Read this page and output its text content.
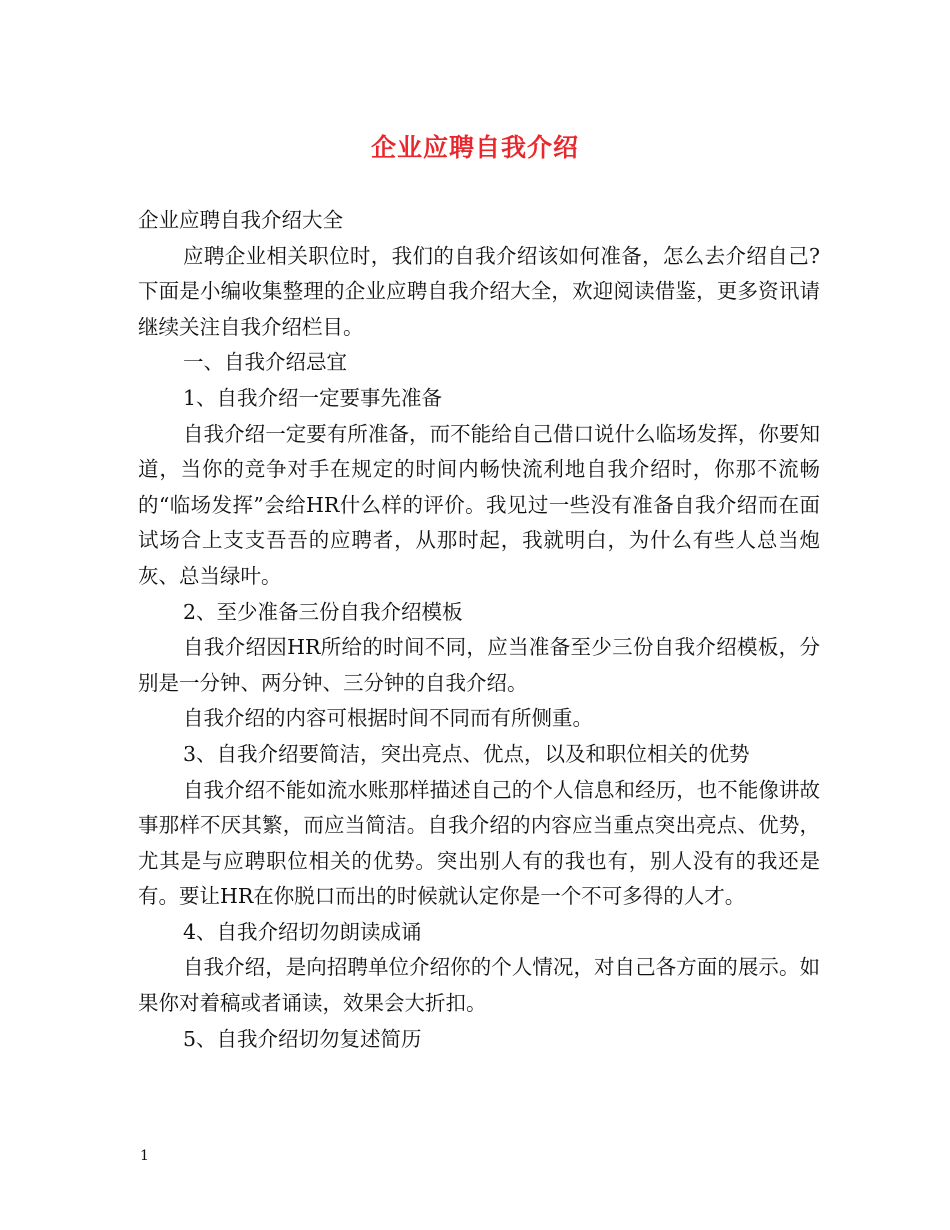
企业应聘自我介绍

企业应聘自我介绍大全

应聘企业相关职位时，我们的自我介绍该如何准备，怎么去介绍自己?下面是小编收集整理的企业应聘自我介绍大全，欢迎阅读借鉴，更多资讯请继续关注自我介绍栏目。

一、自我介绍忌宜

1、自我介绍一定要事先准备

自我介绍一定要有所准备，而不能给自己借口说什么临场发挥，你要知道，当你的竞争对手在规定的时间内畅快流利地自我介绍时，你那不流畅的“临场发挥”会给HR什么样的评价。我见过一些没有准备自我介绍而在面试场合上支支吾吾的应聘者，从那时起，我就明白，为什么有些人总当炮灰、总当绿叶。

2、至少准备三份自我介绍模板

自我介绍因HR所给的时间不同，应当准备至少三份自我介绍模板，分别是一分钟、两分钟、三分钟的自我介绍。

自我介绍的内容可根据时间不同而有所侧重。

3、自我介绍要简洁，突出亮点、优点，以及和职位相关的优势

自我介绍不能如流水账那样描述自己的个人信息和经历，也不能像讲故事那样不厌其繁，而应当简洁。自我介绍的内容应当重点突出亮点、优势，尤其是与应聘职位相关的优势。突出别人有的我也有，别人没有的我还是有。要让HR在你脱口而出的时候就认定你是一个不可多得的人才。

4、自我介绍切勿朗读成诵

自我介绍，是向招聘单位介绍你的个人情况，对自己各方面的展示。如果你对着稿或者诵读，效果会大折扣。

5、自我介绍切勿复述简历

1
